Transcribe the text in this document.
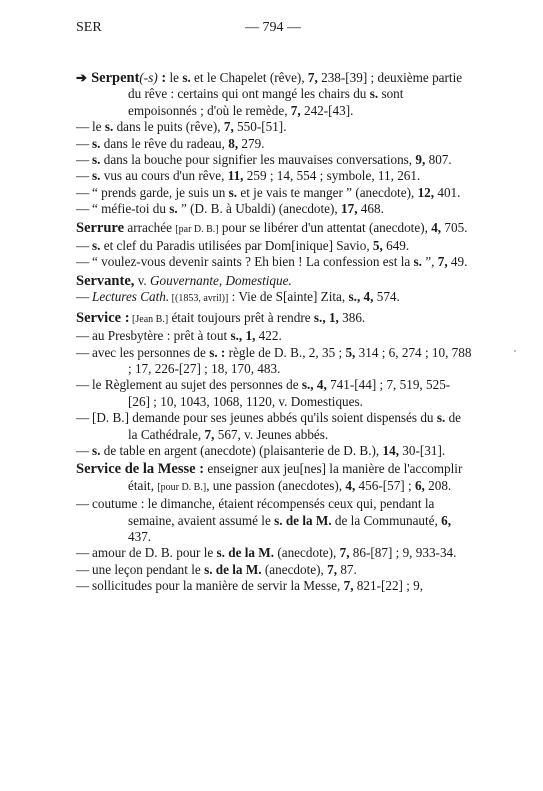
SER	— 794 —

➔ Serpent(-s) : le s. et le Chapelet (rêve), 7, 238-[39] ; deuxième partie du rêve : certains qui ont mangé les chairs du s. sont empoisonnés ; d'où le remède, 7, 242-[43].

— le s. dans le puits (rêve), 7, 550-[51].

— s. dans le rêve du radeau, 8, 279.

— s. dans la bouche pour signifier les mauvaises conversations, 9, 807.

— s. vus au cours d'un rêve, 11, 259 ; 14, 554 ; symbole, 11, 261.

— “ prends garde, je suis un s. et je vais te manger ” (anecdote), 12, 401.

— “ méfie-toi du s. ” (D. B. à Ubaldi) (anecdote), 17, 468.

Serrure arrachée [par D. B.] pour se libérer d'un attentat (anecdote), 4, 705.

— s. et clef du Paradis utilisées par Dom[inique] Savio, 5, 649.

— “ voulez-vous devenir saints ? Eh bien ! La confession est la s. ”, 7, 49.

Servante, v. Gouvernante, Domestique.

— Lectures Cath. [(1853, avril)] : Vie de S[ainte] Zita, s., 4, 574.

Service : [Jean B.] était toujours prêt à rendre s., 1, 386.

— au Presbytère : prêt à tout s., 1, 422.

— avec les personnes de s. : règle de D. B., 2, 35 ; 5, 314 ; 6, 274 ; 10, 788 ; 17, 226-[27] ; 18, 170, 483.

— le Règlement au sujet des personnes de s., 4, 741-[44] ; 7, 519, 525-[26] ; 10, 1043, 1068, 1120, v. Domestiques.

— [D. B.] demande pour ses jeunes abbés qu'ils soient dispensés du s. de la Cathédrale, 7, 567, v. Jeunes abbés.

— s. de table en argent (anecdote) (plaisanterie de D. B.), 14, 30-[31].

Service de la Messe : enseigner aux jeu[nes] la manière de l'accomplir était, [pour D. B.], une passion (anecdotes), 4, 456-[57] ; 6, 208.

— coutume : le dimanche, étaient récompensés ceux qui, pendant la semaine, avaient assumé le s. de la M. de la Communauté, 6, 437.

— amour de D. B. pour le s. de la M. (anecdote), 7, 86-[87] ; 9, 933-34.

— une leçon pendant le s. de la M. (anecdote), 7, 87.

— sollicitudes pour la manière de servir la Messe, 7, 821-[22] ; 9,
